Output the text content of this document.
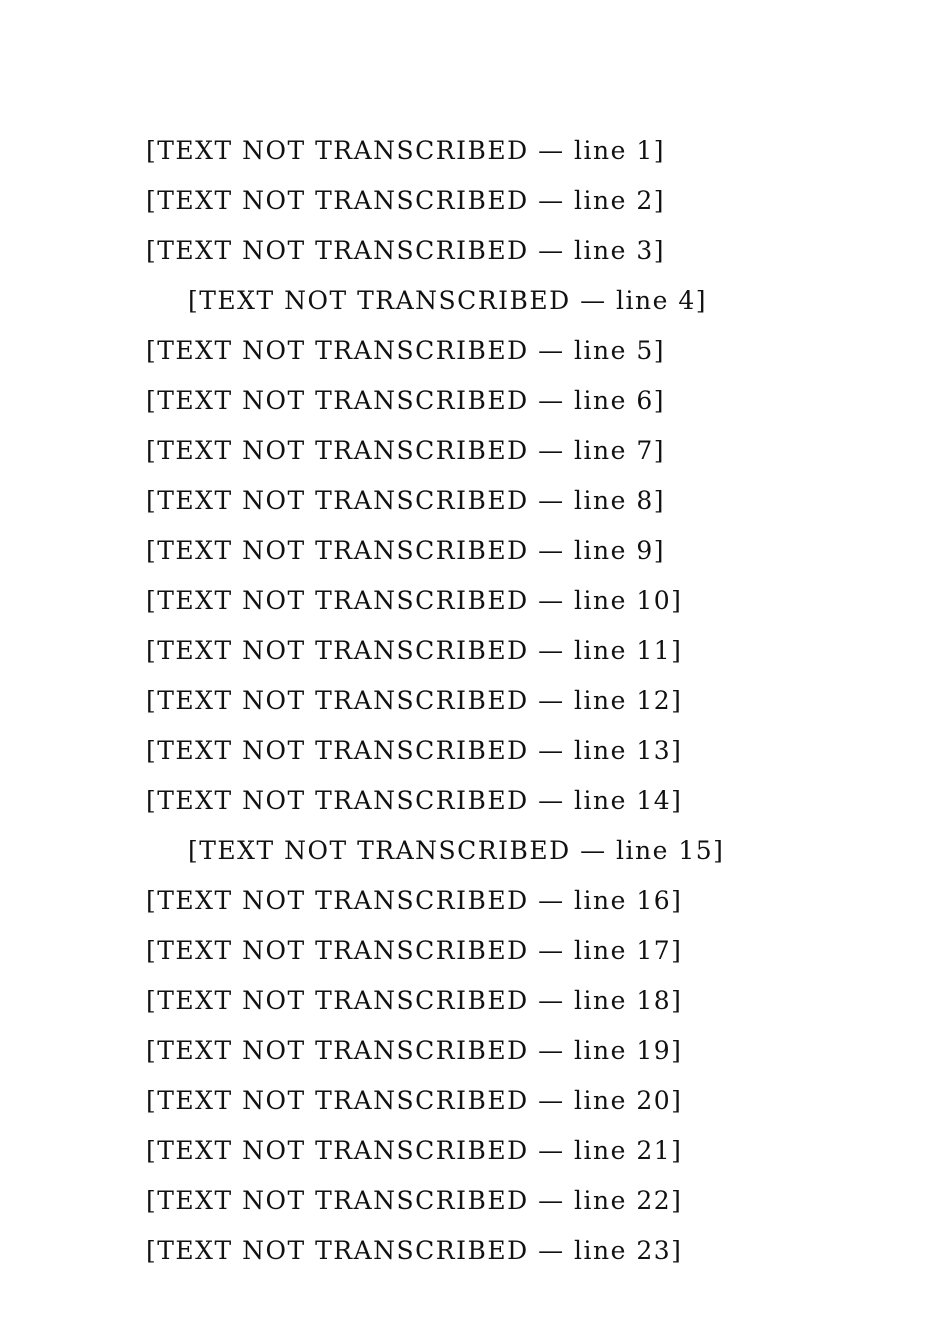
[TEXT NOT TRANSCRIBED — line 1]
[TEXT NOT TRANSCRIBED — line 2]
[TEXT NOT TRANSCRIBED — line 3]
[TEXT NOT TRANSCRIBED — line 4]
[TEXT NOT TRANSCRIBED — line 5]
[TEXT NOT TRANSCRIBED — line 6]
[TEXT NOT TRANSCRIBED — line 7]
[TEXT NOT TRANSCRIBED — line 8]
[TEXT NOT TRANSCRIBED — line 9]
[TEXT NOT TRANSCRIBED — line 10]
[TEXT NOT TRANSCRIBED — line 11]
[TEXT NOT TRANSCRIBED — line 12]
[TEXT NOT TRANSCRIBED — line 13]
[TEXT NOT TRANSCRIBED — line 14]
[TEXT NOT TRANSCRIBED — line 15]
[TEXT NOT TRANSCRIBED — line 16]
[TEXT NOT TRANSCRIBED — line 17]
[TEXT NOT TRANSCRIBED — line 18]
[TEXT NOT TRANSCRIBED — line 19]
[TEXT NOT TRANSCRIBED — line 20]
[TEXT NOT TRANSCRIBED — line 21]
[TEXT NOT TRANSCRIBED — line 22]
[TEXT NOT TRANSCRIBED — line 23]
